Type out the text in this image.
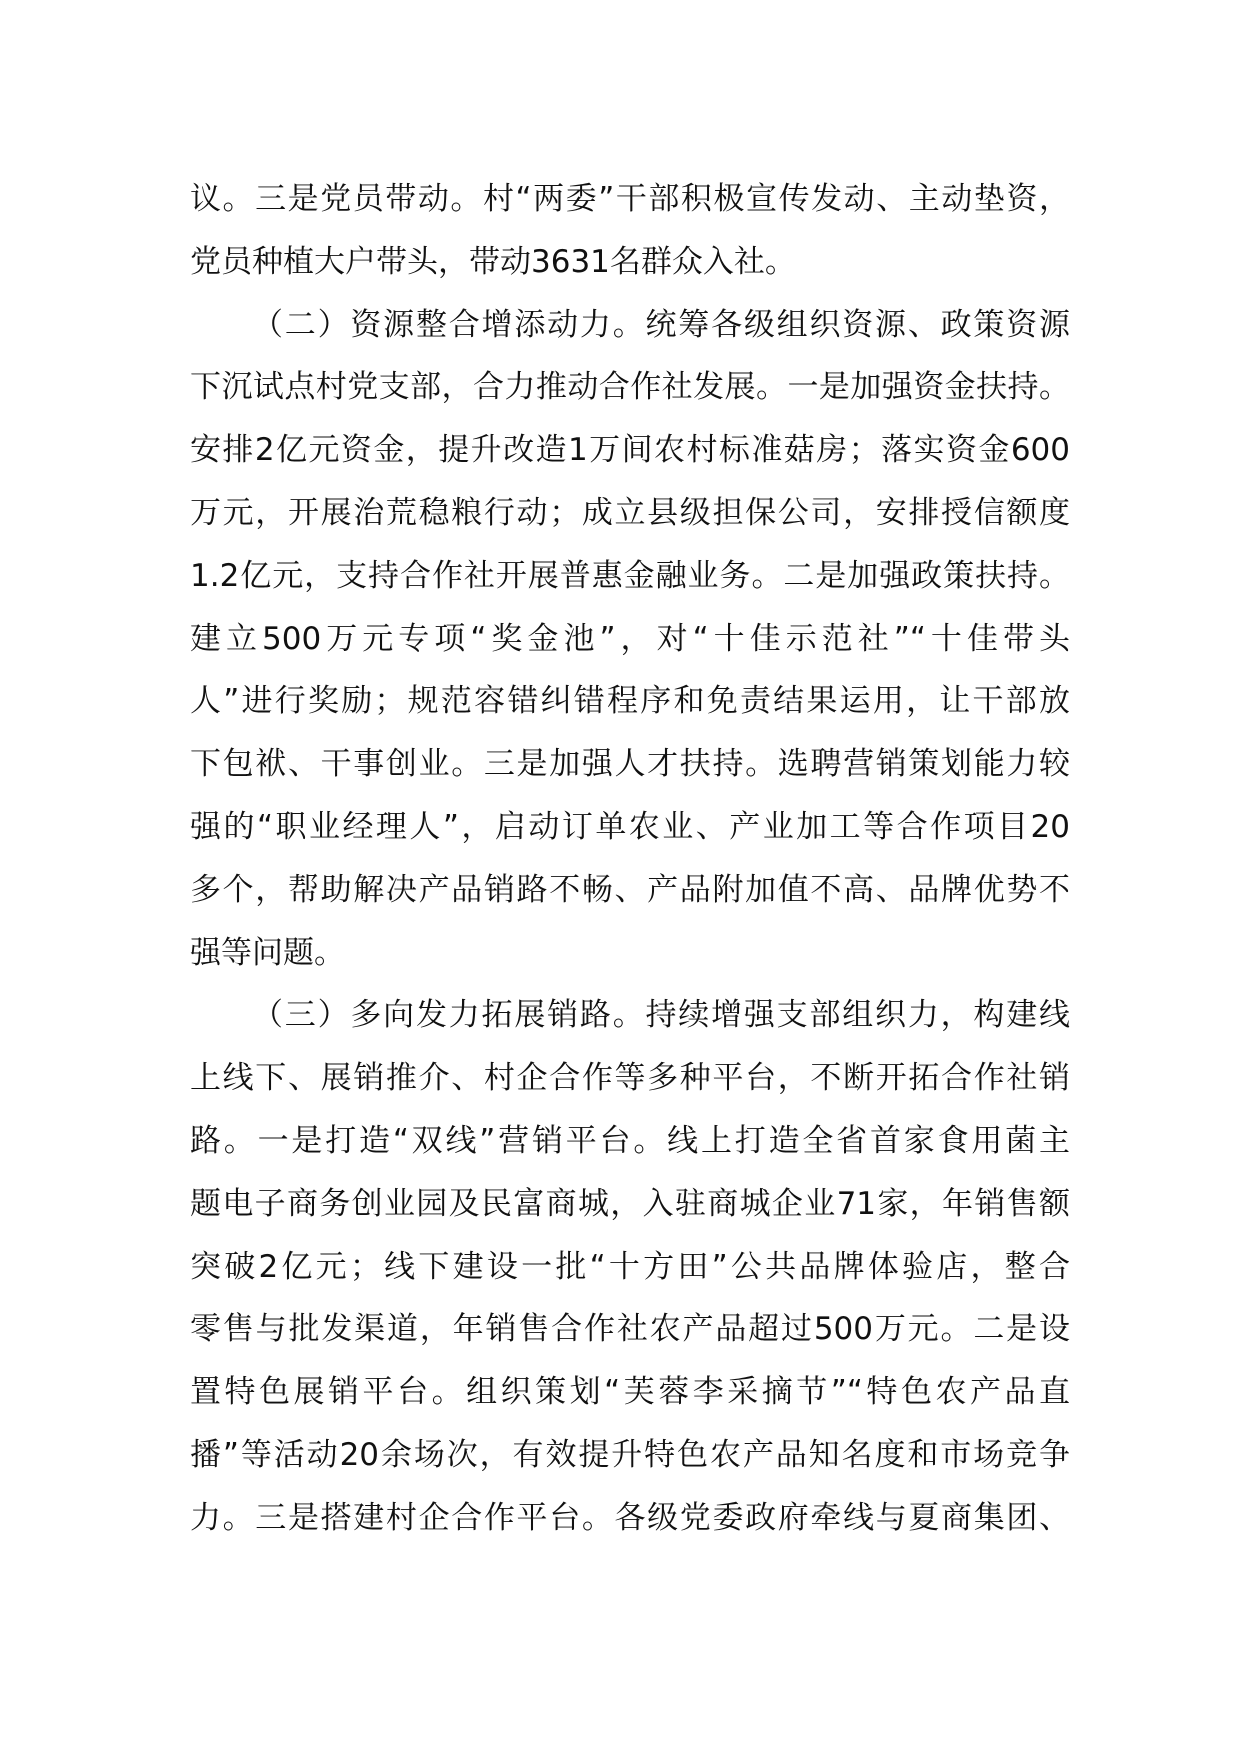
议。三是党员带动。村“两委”干部积极宣传发动、主动垫资，
党员种植大户带头，带动3631名群众入社。
（二）资源整合增添动力。统筹各级组织资源、政策资源
下沉试点村党支部，合力推动合作社发展。一是加强资金扶持。
安排2亿元资金，提升改造1万间农村标准菇房；落实资金600
万元，开展治荒稳粮行动；成立县级担保公司，安排授信额度
1.2亿元，支持合作社开展普惠金融业务。二是加强政策扶持。
建立500万元专项“奖金池”，对“十佳示范社”“十佳带头
人”进行奖励；规范容错纠错程序和免责结果运用，让干部放
下包袱、干事创业。三是加强人才扶持。选聘营销策划能力较
强的“职业经理人”，启动订单农业、产业加工等合作项目20
多个，帮助解决产品销路不畅、产品附加值不高、品牌优势不
强等问题。
（三）多向发力拓展销路。持续增强支部组织力，构建线
上线下、展销推介、村企合作等多种平台，不断开拓合作社销
路。一是打造“双线”营销平台。线上打造全省首家食用菌主
题电子商务创业园及民富商城，入驻商城企业71家，年销售额
突破2亿元；线下建设一批“十方田”公共品牌体验店，整合
零售与批发渠道，年销售合作社农产品超过500万元。二是设
置特色展销平台。组织策划“芙蓉李采摘节”“特色农产品直
播”等活动20余场次，有效提升特色农产品知名度和市场竞争
力。三是搭建村企合作平台。各级党委政府牵线与夏商集团、
